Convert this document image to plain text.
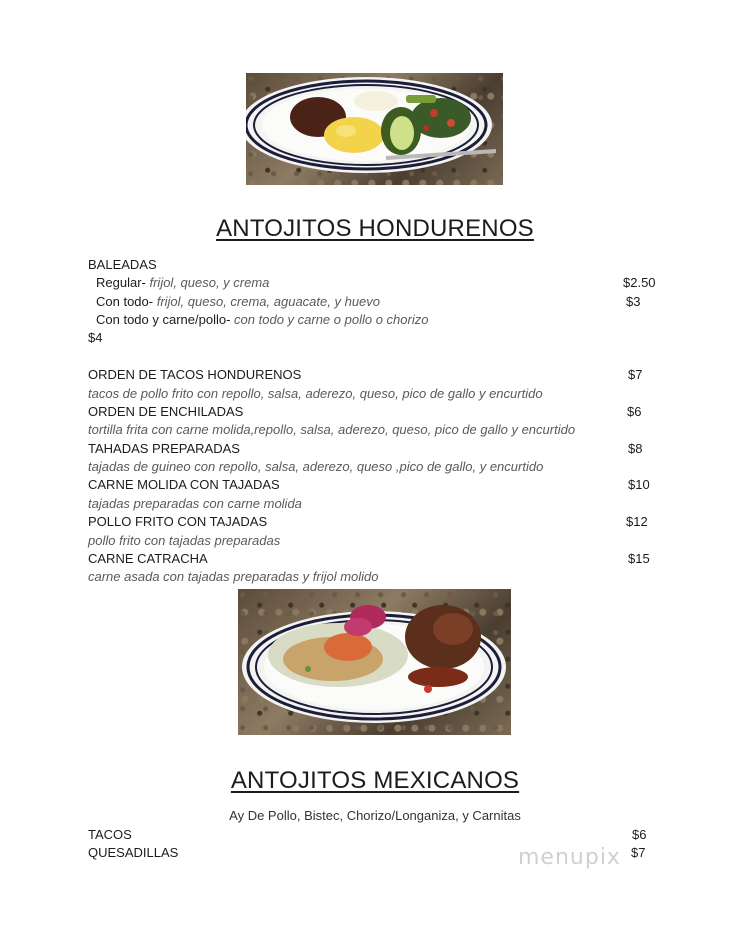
ANTOJITOS HONDURENOS
BALEADAS
Regular- frijol, queso, y crema	$2.50
Con todo- frijol, queso, crema, aguacate, y huevo	$3
Con todo y carne/pollo- con todo y carne o pollo o chorizo
$4
ORDEN DE TACOS HONDURENOS	$7
tacos de pollo frito con repollo, salsa, aderezo, queso, pico de gallo y encurtido
ORDEN DE ENCHILADAS	$6
tortilla frita con carne molida,repollo, salsa, aderezo, queso, pico de gallo y encurtido
TAHADAS PREPARADAS	$8
tajadas de guineo con repollo, salsa, aderezo, queso ,pico de gallo, y encurtido
CARNE MOLIDA CON TAJADAS	$10
tajadas preparadas con carne molida
POLLO FRITO CON TAJADAS	$12
pollo frito con tajadas preparadas
CARNE CATRACHA	$15
carne asada con tajadas preparadas y frijol molido
ANTOJITOS MEXICANOS
Ay De Pollo, Bistec, Chorizo/Longaniza, y Carnitas
TACOS	$6
QUESADILLAS	$7
menupix
